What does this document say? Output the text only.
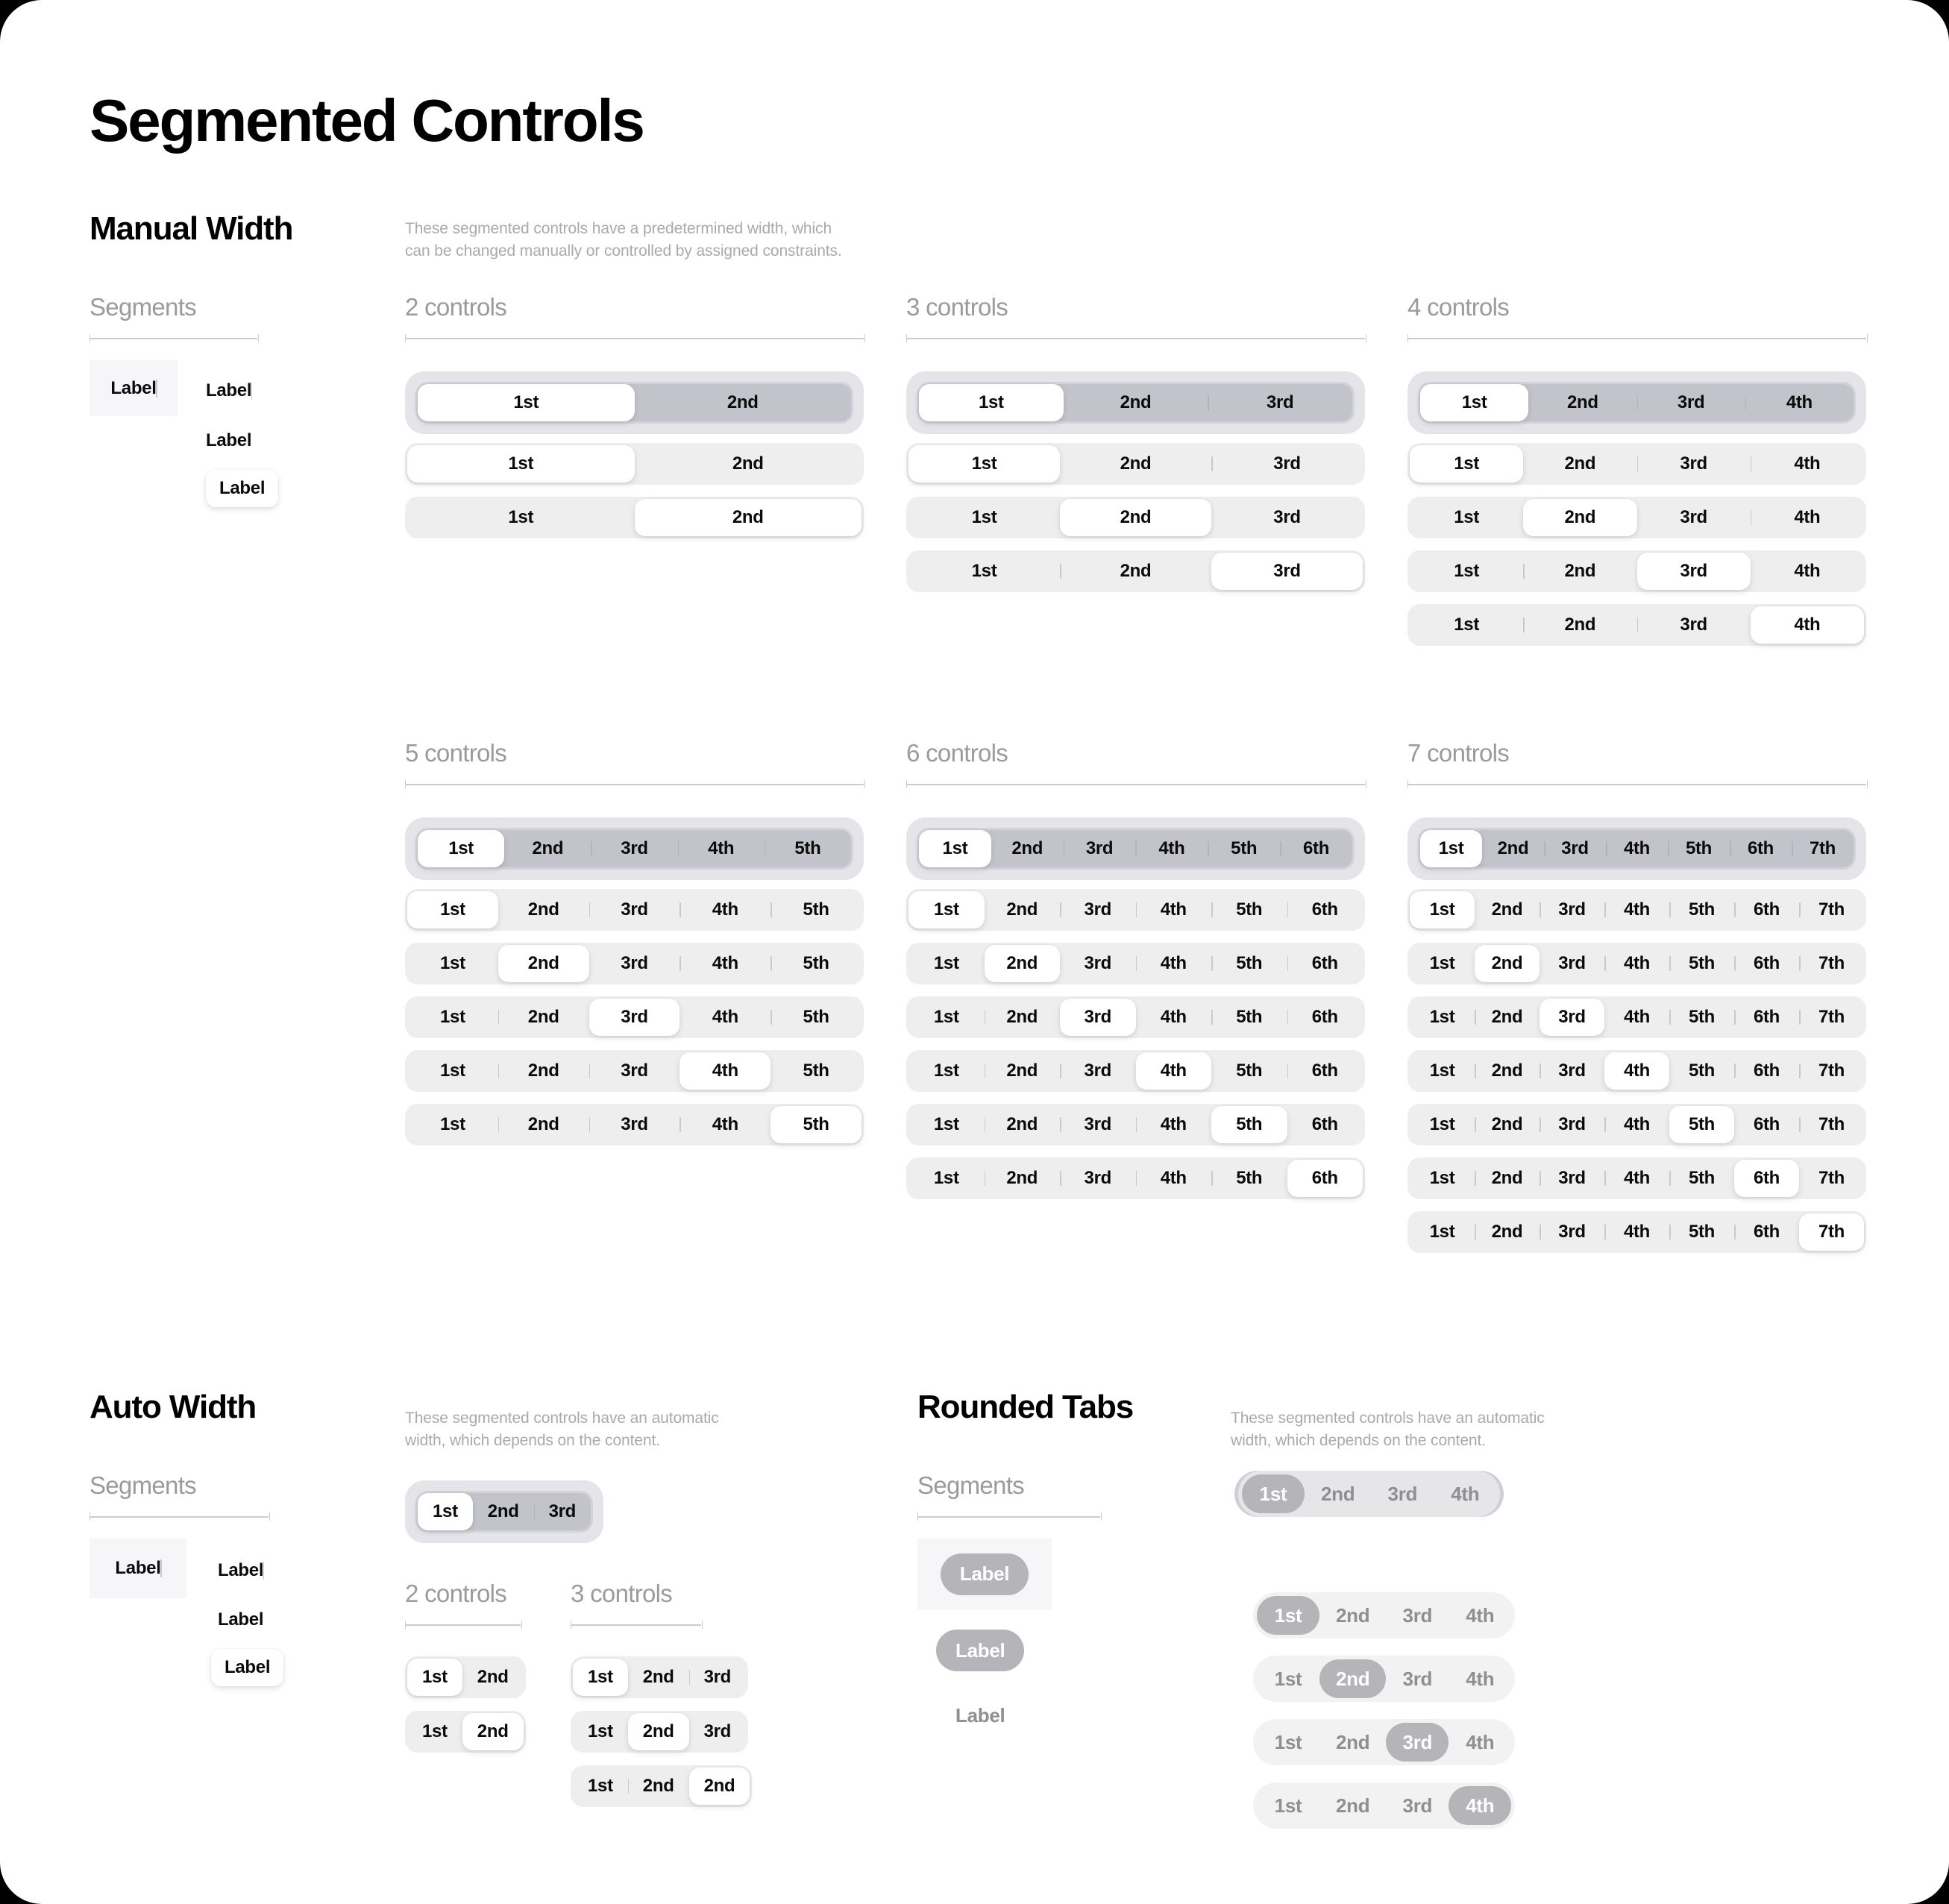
Segmented Controls
Manual Width	These segmented controls have a predetermined width, which can be changed manually or controlled by assigned constraints.
Segments
Label	Label
Label
Label
2 controls
1st	2nd
1st	2nd
1st	2nd
3 controls
1st	2nd	3rd
1st	2nd	3rd
1st	2nd	3rd
1st	2nd	3rd
4 controls
1st	2nd	3rd	4th
1st	2nd	3rd	4th
1st	2nd	3rd	4th
1st	2nd	3rd	4th
1st	2nd	3rd	4th
5 controls
1st	2nd	3rd	4th	5th
1st	2nd	3rd	4th	5th
1st	2nd	3rd	4th	5th
1st	2nd	3rd	4th	5th
1st	2nd	3rd	4th	5th
1st	2nd	3rd	4th	5th
6 controls
1st	2nd	3rd	4th	5th	6th
1st	2nd	3rd	4th	5th	6th
1st	2nd	3rd	4th	5th	6th
1st	2nd	3rd	4th	5th	6th
1st	2nd	3rd	4th	5th	6th
1st	2nd	3rd	4th	5th	6th
1st	2nd	3rd	4th	5th	6th
7 controls
1st	2nd	3rd	4th	5th	6th	7th
1st	2nd	3rd	4th	5th	6th	7th
1st	2nd	3rd	4th	5th	6th	7th
1st	2nd	3rd	4th	5th	6th	7th
1st	2nd	3rd	4th	5th	6th	7th
1st	2nd	3rd	4th	5th	6th	7th
1st	2nd	3rd	4th	5th	6th	7th
1st	2nd	3rd	4th	5th	6th	7th
Auto Width	These segmented controls have an automatic width, which depends on the content.
Segments
Label	Label
Label
Label
1st	2nd	3rd
2 controls
1st	2nd
1st	2nd
3 controls
1st	2nd	3rd
1st	2nd	3rd
1st	2nd	2nd
Rounded Tabs	These segmented controls have an automatic width, which depends on the content.
Segments
Label
Label
Label
1st	2nd	3rd	4th
1st	2nd	3rd	4th
1st	2nd	3rd	4th
1st	2nd	3rd	4th
1st	2nd	3rd	4th
